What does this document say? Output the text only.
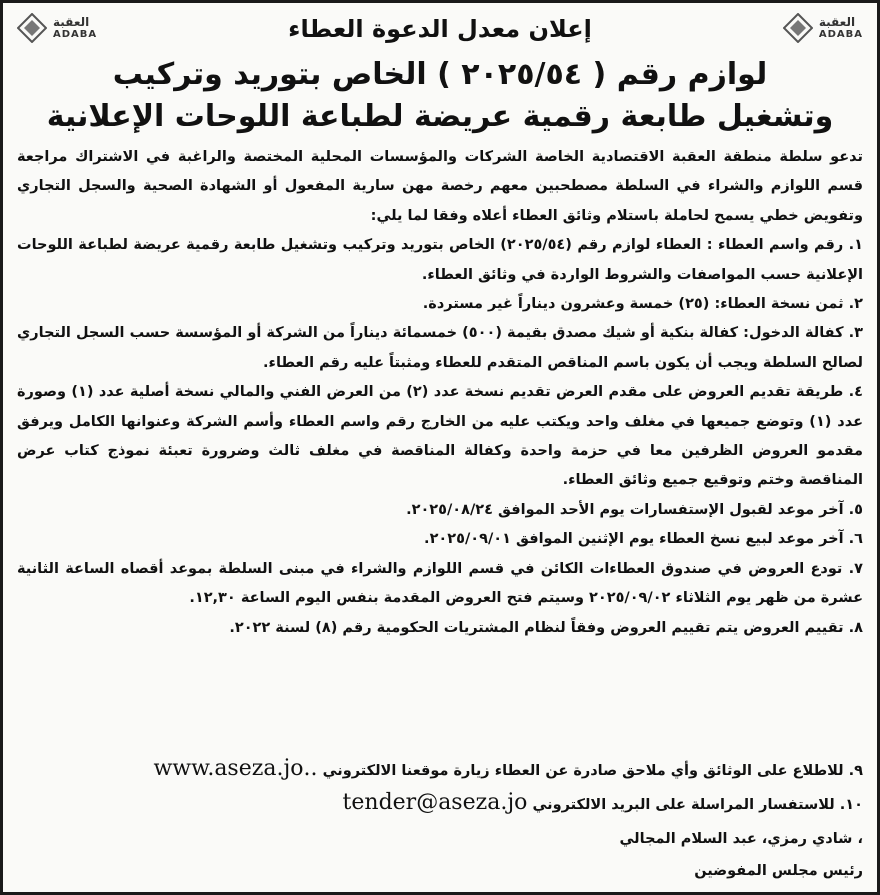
العقبة
ADABA
العقبة
ADABA
إعلان معدل الدعوة العطاء
لوازم رقم ( ٢٠٢٥/٥٤ ) الخاص بتوريد وتركيب
وتشغيل طابعة رقمية عريضة لطباعة اللوحات الإعلانية

تدعو سلطة منطقة العقبة الاقتصادية الخاصة الشركات والمؤسسات المحلية المختصة والراغبة في الاشتراك مراجعة قسم اللوازم والشراء في السلطة مصطحبين معهم رخصة مهن سارية المفعول أو الشهادة الصحية والسجل التجاري وتفويض خطي يسمح لحاملة باستلام وثائق العطاء أعلاه وفقا لما يلي:

١. رقم واسم العطاء : العطاء لوازم رقم (٢٠٢٥/٥٤) الخاص بتوريد وتركيب وتشغيل طابعة رقمية عريضة لطباعة اللوحات الإعلانية حسب المواصفات والشروط الواردة في وثائق العطاء.

٢. ثمن نسخة العطاء: (٢٥) خمسة وعشرون ديناراً غير مستردة.

٣. كفالة الدخول: كفالة بنكية أو شيك مصدق بقيمة (٥٠٠) خمسمائة ديناراً من الشركة أو المؤسسة حسب السجل التجاري لصالح السلطة ويجب أن يكون باسم المناقص المتقدم للعطاء ومثبتاً عليه رقم العطاء.

٤. طريقة تقديم العروض على مقدم العرض تقديم نسخة عدد (٢) من العرض الفني والمالي نسخة أصلية عدد (١) وصورة عدد (١) وتوضع جميعها في مغلف واحد ويكتب عليه من الخارج رقم واسم العطاء وأسم الشركة وعنوانها الكامل ويرفق مقدمو العروض الظرفين معا في حزمة واحدة وكفالة المناقصة في مغلف ثالث وضرورة تعبئة نموذج كتاب عرض المناقصة وختم وتوقيع جميع وثائق العطاء.

٥. آخر موعد لقبول الإستفسارات يوم الأحد الموافق ٢٠٢٥/٠٨/٢٤.

٦. آخر موعد لبيع نسخ العطاء يوم الإثنين الموافق ٢٠٢٥/٠٩/٠١.

٧. تودع العروض في صندوق العطاءات الكائن في قسم اللوازم والشراء في مبنى السلطة بموعد أقصاه الساعة الثانية عشرة من ظهر يوم الثلاثاء ٢٠٢٥/٠٩/٠٢ وسيتم فتح العروض المقدمة بنفس اليوم الساعة ١٢,٣٠.

٨. تقييم العروض يتم تقييم العروض وفقاً لنظام المشتريات الحكومية رقم (٨) لسنة ٢٠٢٢.

٩. للاطلاع على الوثائق وأي ملاحق صادرة عن العطاء زيارة موقعنا الالكتروني www.aseza.jo..
١٠. للاستفسار المراسلة على البريد الالكتروني tender@aseza.jo
، شادي رمزي، عبد السلام المجالي
رئيس مجلس المفوضين
